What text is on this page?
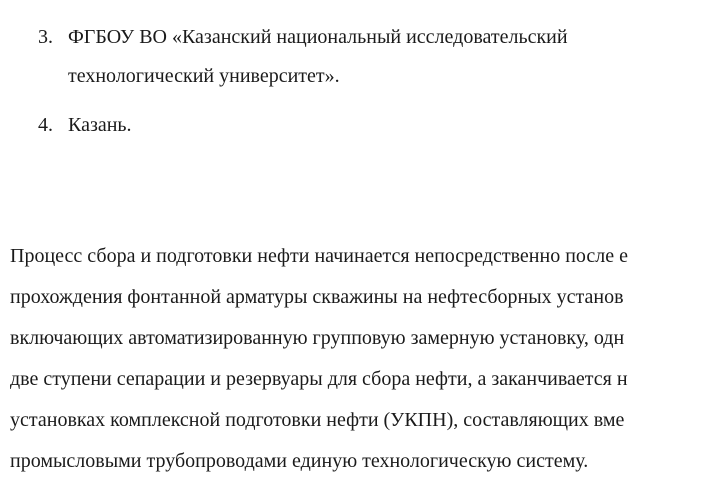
3. ФГБОУ ВО «Казанский национальный исследовательский
технологический университет».
4. Казань.
Процесс сбора и подготовки нефти начинается непосредственно после е
прохождения фонтанной арматуры скважины на нефтесборных установ
включающих автоматизированную групповую замерную установку, одн
две ступени сепарации и резервуары для сбора нефти, а заканчивается н
установках комплексной подготовки нефти (УКПН), составляющих вме
промысловыми трубопроводами единую технологическую систему.
